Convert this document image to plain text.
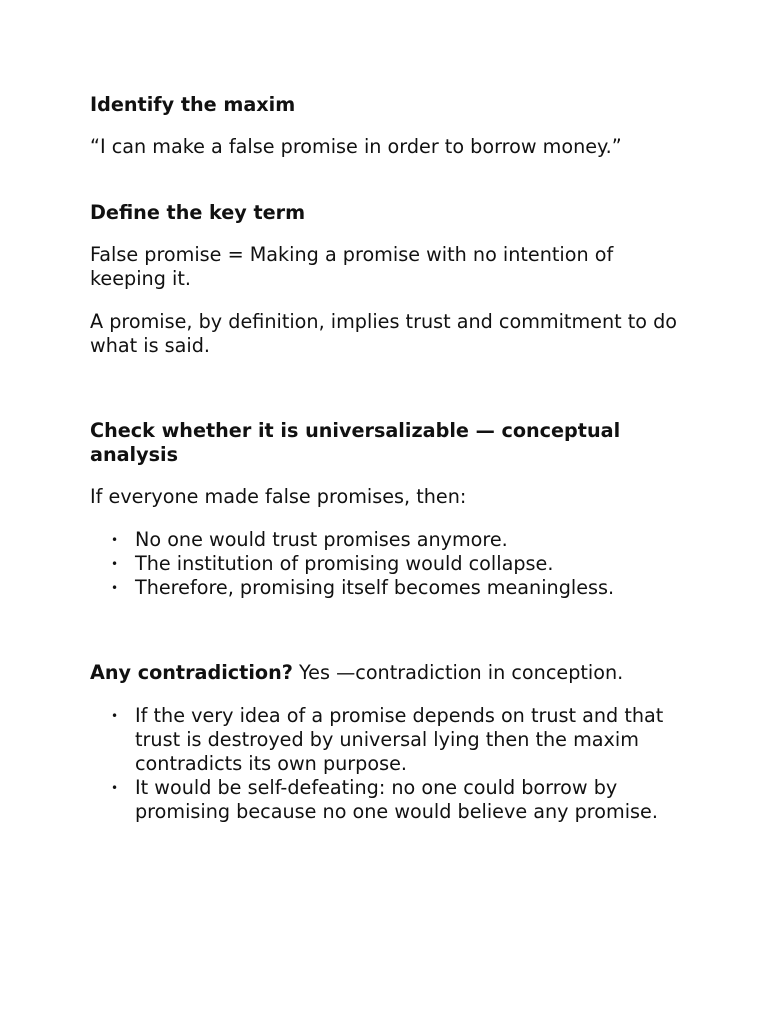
Identify the maxim

“I can make a false promise in order to borrow money.”

Define the key term

False promise = Making a promise with no intention of keeping it.

A promise, by definition, implies trust and commitment to do what is said.

Check whether it is universalizable — conceptual analysis

If everyone made false promises, then:

• No one would trust promises anymore.
• The institution of promising would collapse.
• Therefore, promising itself becomes meaningless.

Any contradiction? Yes —contradiction in conception.

• If the very idea of a promise depends on trust and that trust is destroyed by universal lying then the maxim contradicts its own purpose.
• It would be self-defeating: no one could borrow by promising because no one would believe any promise.
